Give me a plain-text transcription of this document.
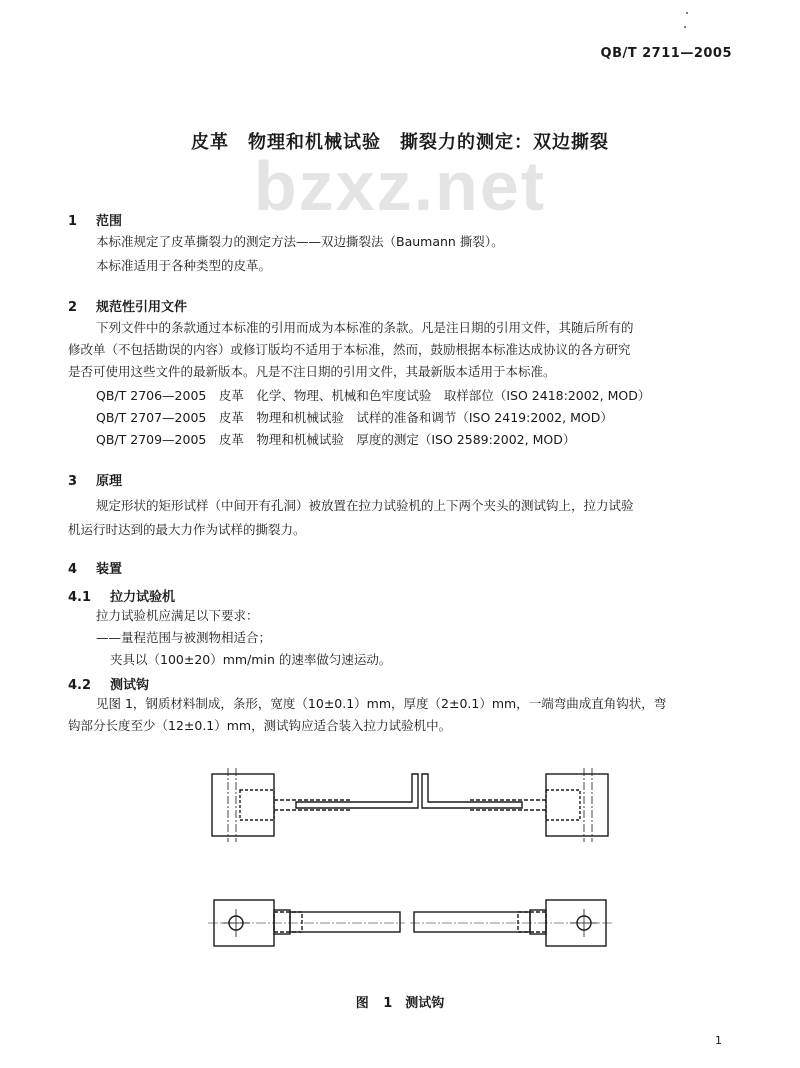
QB/T 2711—2005
bzxz.net
皮革　物理和机械试验　撕裂力的测定：双边撕裂
1 范围
本标准规定了皮革撕裂力的测定方法——双边撕裂法（Baumann 撕裂）。
本标准适用于各种类型的皮革。
2 规范性引用文件
下列文件中的条款通过本标准的引用而成为本标准的条款。凡是注日期的引用文件，其随后所有的
修改单（不包括勘误的内容）或修订版均不适用于本标准，然而，鼓励根据本标准达成协议的各方研究
是否可使用这些文件的最新版本。凡是不注日期的引用文件，其最新版本适用于本标准。
QB/T 2706—2005　皮革　化学、物理、机械和色牢度试验　取样部位（ISO 2418:2002, MOD）
QB/T 2707—2005　皮革　物理和机械试验　试样的准备和调节（ISO 2419:2002, MOD）
QB/T 2709—2005　皮革　物理和机械试验　厚度的测定（ISO 2589:2002, MOD）
3 原理
规定形状的矩形试样（中间开有孔洞）被放置在拉力试验机的上下两个夹头的测试钩上，拉力试验
机运行时达到的最大力作为试样的撕裂力。
4 装置
4.1 拉力试验机
拉力试验机应满足以下要求：
——量程范围与被测物相适合；
夹具以（100±20）mm/min 的速率做匀速运动。
4.2 测试钩
见图 1，钢质材料制成，条形，宽度（10±0.1）mm，厚度（2±0.1）mm，一端弯曲成直角钩状，弯
钩部分长度至少（12±0.1）mm，测试钩应适合装入拉力试验机中。
图 1　测试钩
1
